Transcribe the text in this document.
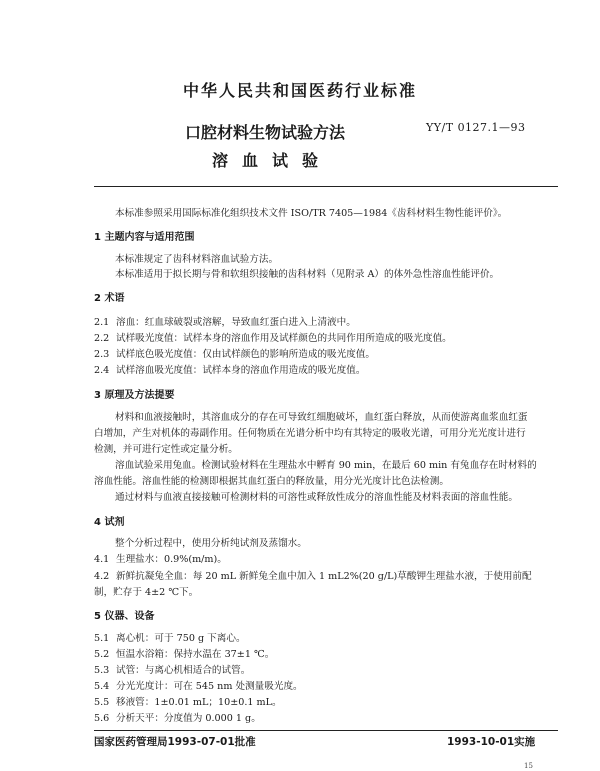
中华人民共和国医药行业标准
YY/T 0127.1—93
口腔材料生物试验方法
溶血试验
本标准参照采用国际标准化组织技术文件 ISO/TR 7405—1984《齿科材料生物性能评价》。
1 主题内容与适用范围
本标准规定了齿科材料溶血试验方法。
本标准适用于拟长期与骨和软组织接触的齿科材料（见附录 A）的体外急性溶血性能评价。
2 术语
2.1 溶血：红血球破裂或溶解，导致血红蛋白进入上清液中。
2.2 试样吸光度值：试样本身的溶血作用及试样颜色的共同作用所造成的吸光度值。
2.3 试样底色吸光度值：仅由试样颜色的影响所造成的吸光度值。
2.4 试样溶血吸光度值：试样本身的溶血作用造成的吸光度值。
3 原理及方法提要
材料和血液接触时，其溶血成分的存在可导致红细胞破坏，血红蛋白释放，从而使游离血浆血红蛋
白增加，产生对机体的毒副作用。任何物质在光谱分析中均有其特定的吸收光谱，可用分光光度计进行
检测，并可进行定性或定量分析。
溶血试验采用兔血。检测试验材料在生理盐水中孵育 90 min，在最后 60 min 有兔血存在时材料的
溶血性能。溶血性能的检测即根据其血红蛋白的释放量，用分光光度计比色法检测。
通过材料与血液直接接触可检测材料的可溶性或释放性成分的溶血性能及材料表面的溶血性能。
4 试剂
整个分析过程中，使用分析纯试剂及蒸馏水。
4.1 生理盐水：0.9%(m/m)。
4.2 新鲜抗凝兔全血：每 20 mL 新鲜兔全血中加入 1 mL2%(20 g/L)草酸钾生理盐水液，于使用前配
制，贮存于 4±2 ℃下。
5 仪器、设备
5.1 离心机：可于 750 g 下离心。
5.2 恒温水浴箱：保持水温在 37±1 ℃。
5.3 试管：与离心机相适合的试管。
5.4 分光光度计：可在 545 nm 处测量吸光度。
5.5 移液管：1±0.01 mL；10±0.1 mL。
5.6 分析天平：分度值为 0.000 1 g。
国家医药管理局1993-07-01批准	1993-10-01实施
15
